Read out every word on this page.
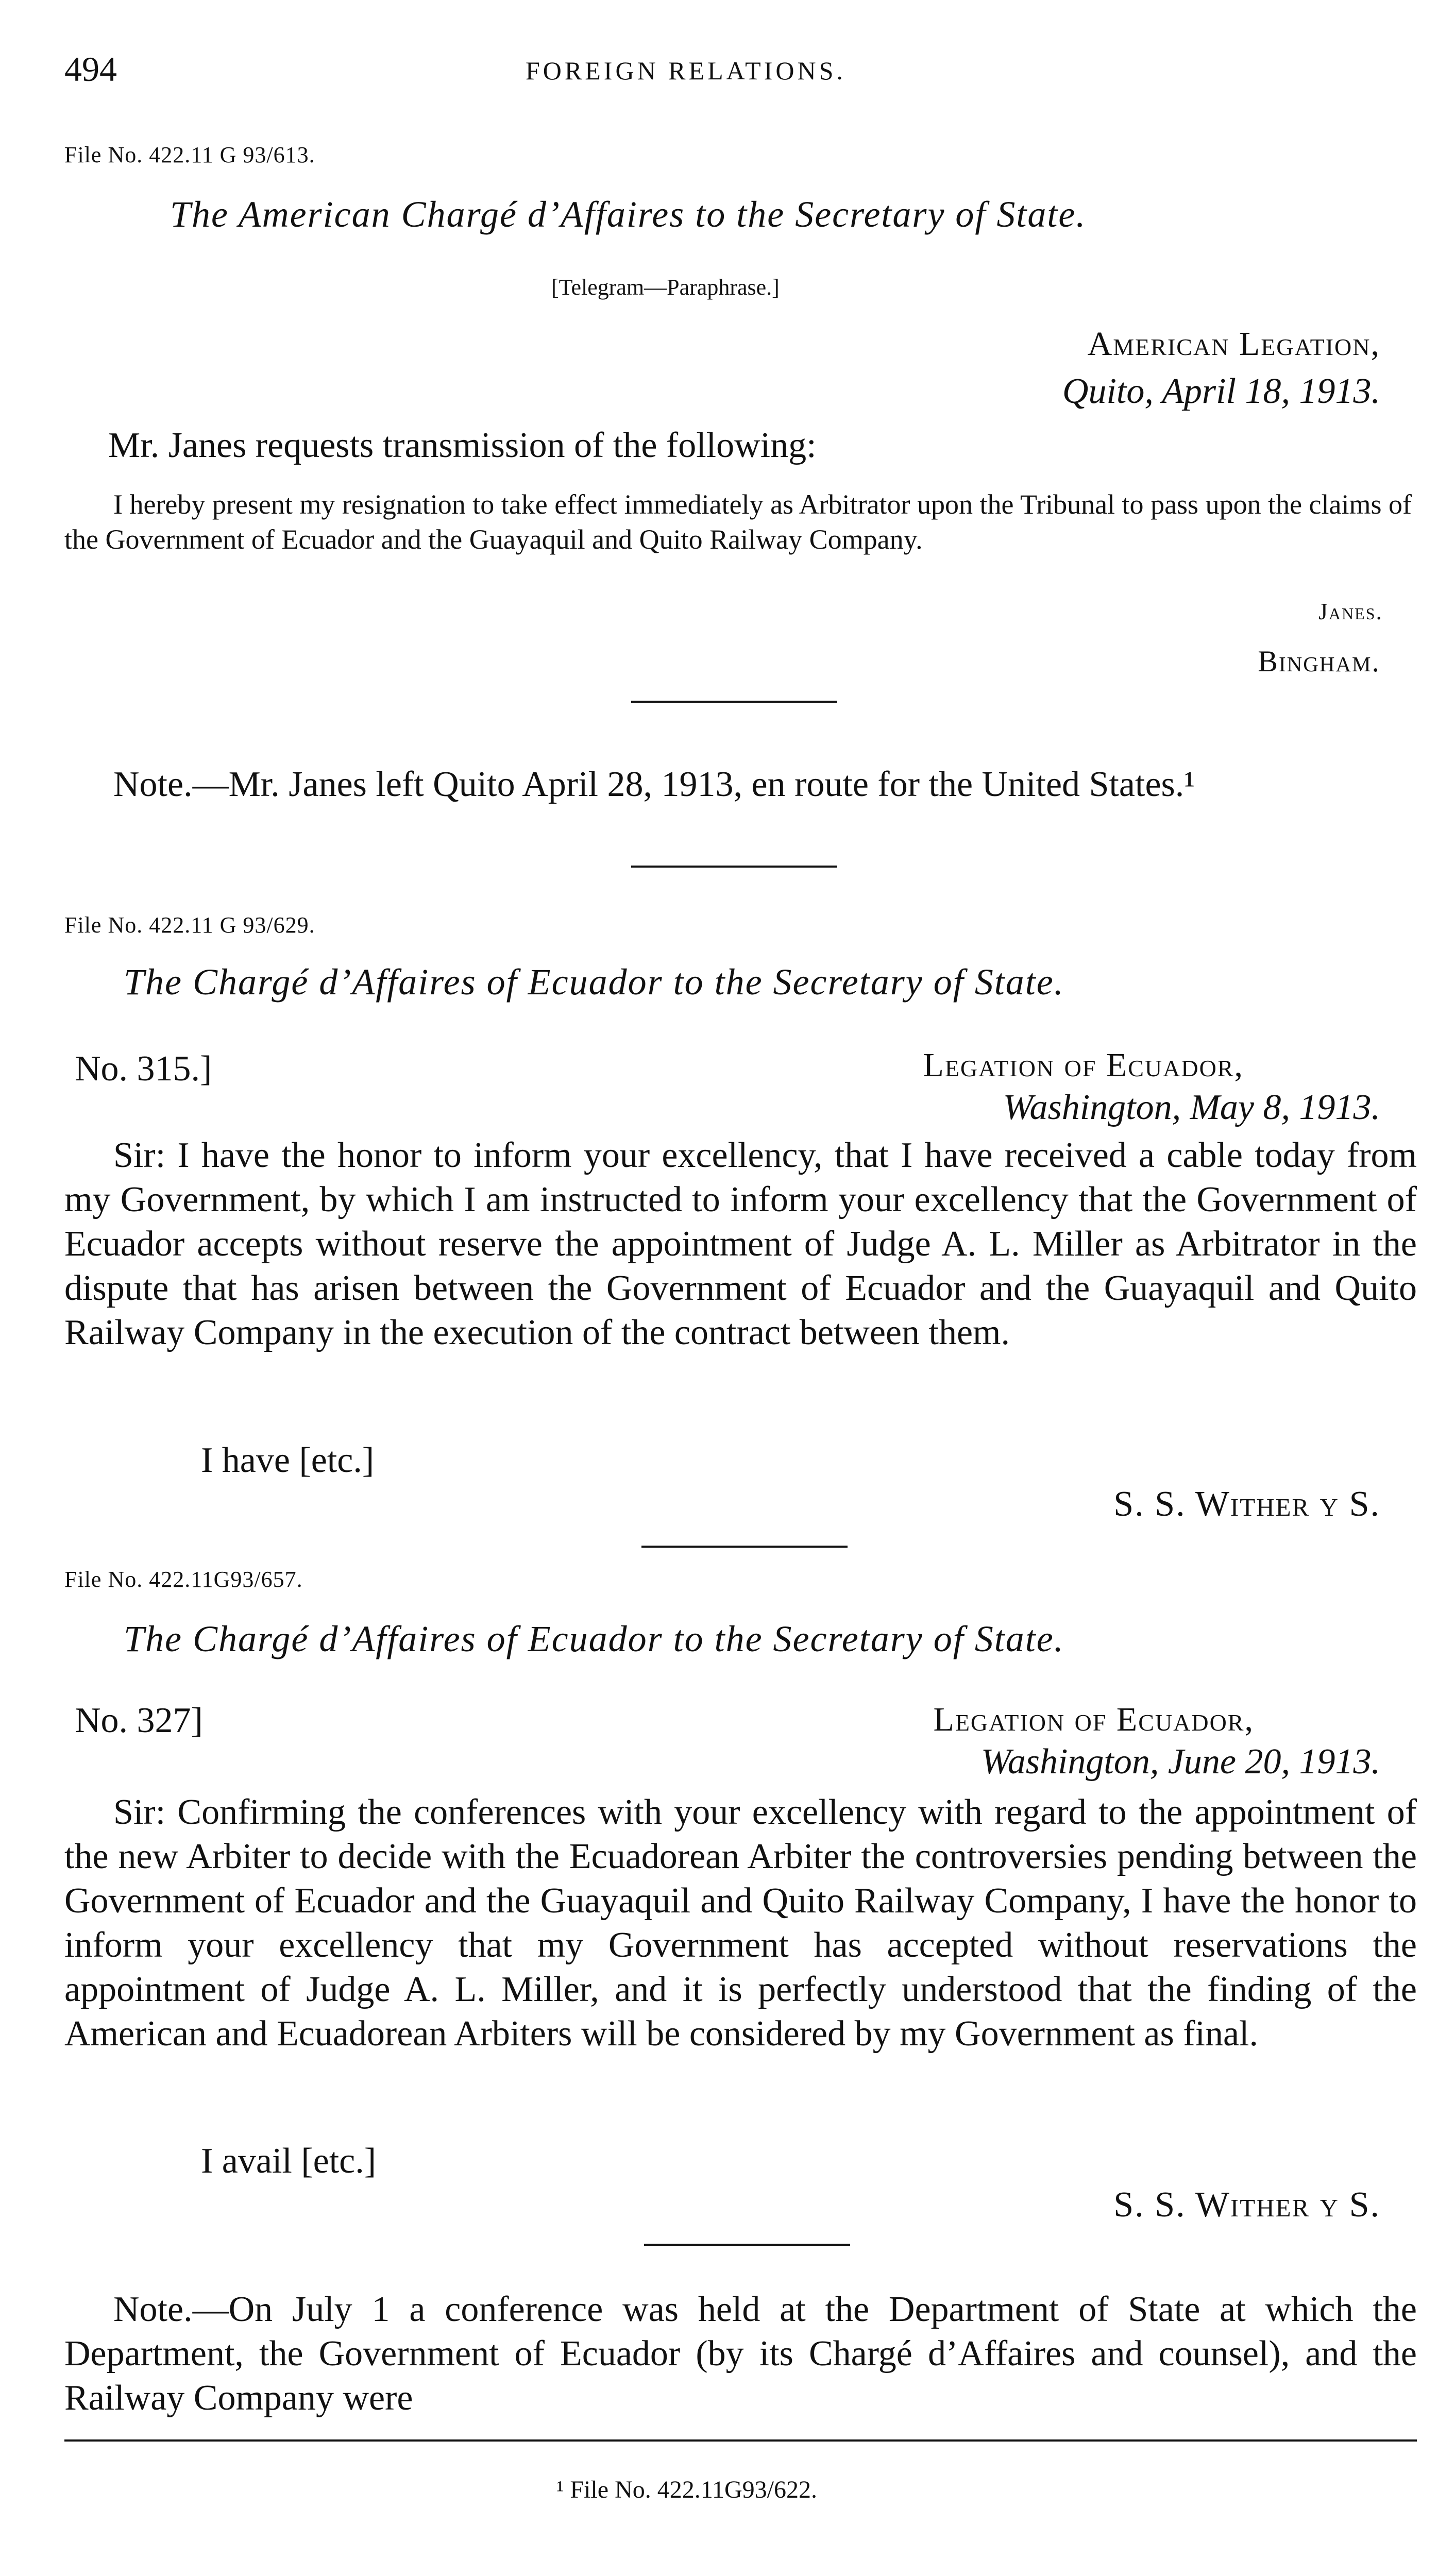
494	FOREIGN RELATIONS.
File No. 422.11 G 93/613.
The American Chargé d’Affaires to the Secretary of State.
[Telegram—Paraphrase.]
American Legation,
Quito, April 18, 1913.
Mr. Janes requests transmission of the following:
I hereby present my resignation to take effect immediately as Arbitrator upon the Tribunal to pass upon the claims of the Government of Ecuador and the Guayaquil and Quito Railway Company.
Janes.
Bingham.
Note.—Mr. Janes left Quito April 28, 1913, en route for the United States.¹
File No. 422.11 G 93/629.
The Chargé d’Affaires of Ecuador to the Secretary of State.
No. 315.]	Legation of Ecuador,
Washington, May 8, 1913.
Sir: I have the honor to inform your excellency, that I have received a cable today from my Government, by which I am instructed to inform your excellency that the Government of Ecuador accepts without reserve the appointment of Judge A. L. Miller as Arbitrator in the dispute that has arisen between the Government of Ecuador and the Guayaquil and Quito Railway Company in the execution of the contract between them.
I have [etc.]
S. S. Wither y S.
File No. 422.11G93/657.
The Chargé d’Affaires of Ecuador to the Secretary of State.
No. 327]	Legation of Ecuador,
Washington, June 20, 1913.
Sir: Confirming the conferences with your excellency with regard to the appointment of the new Arbiter to decide with the Ecuadorean Arbiter the controversies pending between the Government of Ecuador and the Guayaquil and Quito Railway Company, I have the honor to inform your excellency that my Government has accepted without reservations the appointment of Judge A. L. Miller, and it is perfectly understood that the finding of the American and Ecuadorean Arbiters will be considered by my Government as final.
I avail [etc.]
S. S. Wither y S.
Note.—On July 1 a conference was held at the Department of State at which the Department, the Government of Ecuador (by its Chargé d’Affaires and counsel), and the Railway Company were
¹ File No. 422.11G93/622.
